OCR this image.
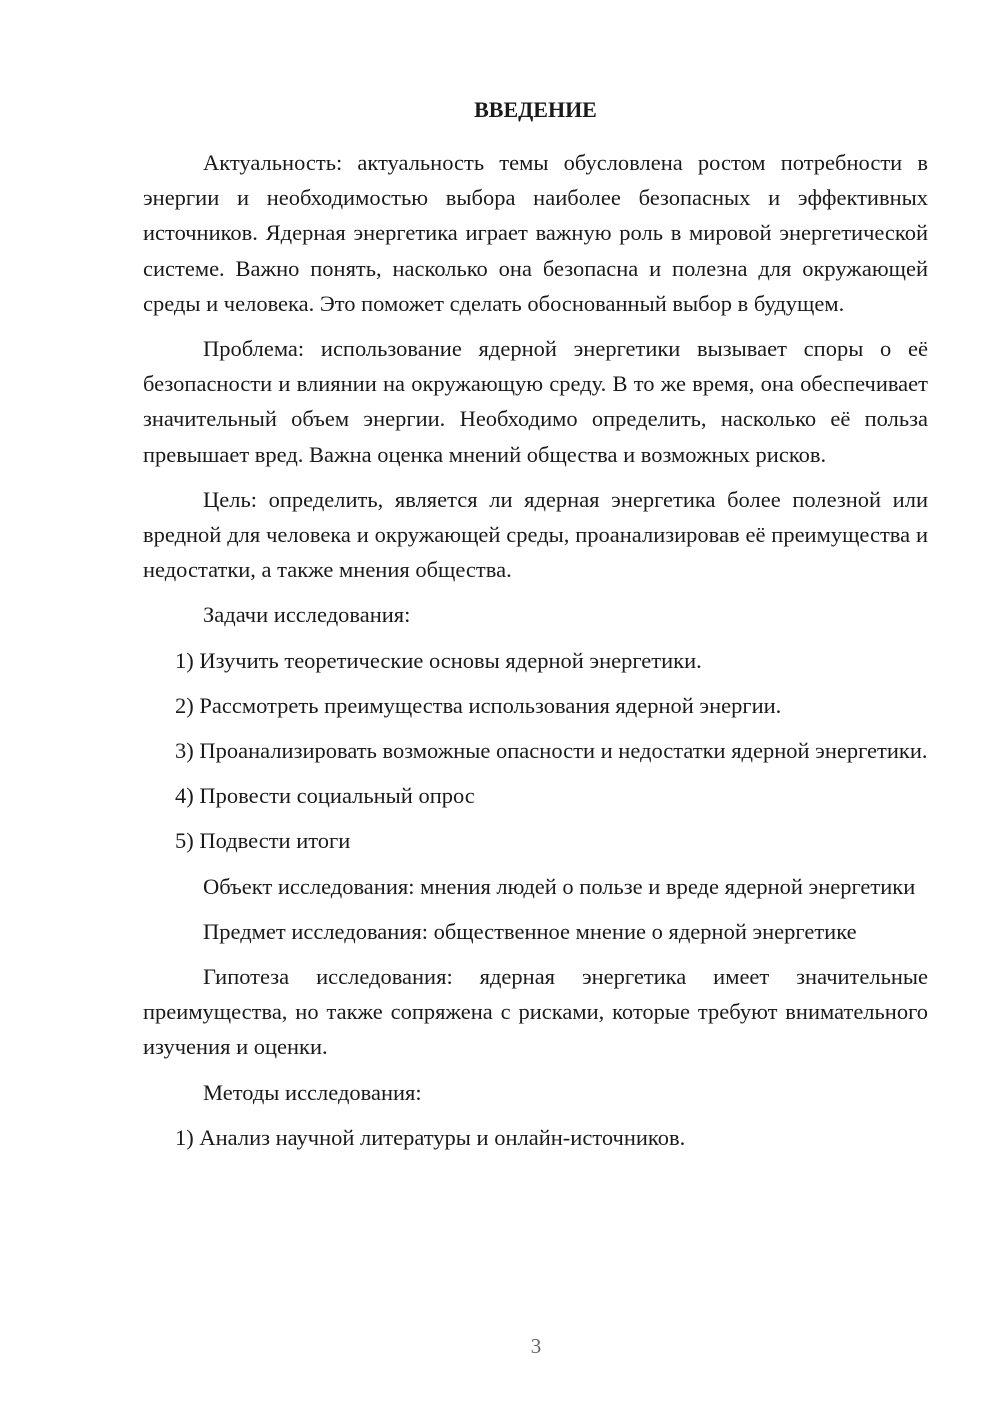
ВВЕДЕНИЕ

Актуальность: актуальность темы обусловлена ростом потребности в энергии и необходимостью выбора наиболее безопасных и эффективных источников. Ядерная энергетика играет важную роль в мировой энергетической системе. Важно понять, насколько она безопасна и полезна для окружающей среды и человека. Это поможет сделать обоснованный выбор в будущем.

Проблема: использование ядерной энергетики вызывает споры о её безопасности и влиянии на окружающую среду. В то же время, она обеспечивает значительный объем энергии. Необходимо определить, насколько её польза превышает вред. Важна оценка мнений общества и возможных рисков.

Цель: определить, является ли ядерная энергетика более полезной или вредной для человека и окружающей среды, проанализировав её преимущества и недостатки, а также мнения общества.

Задачи исследования:

1) Изучить теоретические основы ядерной энергетики.

2) Рассмотреть преимущества использования ядерной энергии.

3) Проанализировать возможные опасности и недостатки ядерной энергетики.

4) Провести социальный опрос

5) Подвести итоги

Объект исследования: мнения людей о пользе и вреде ядерной энергетики

Предмет исследования: общественное мнение о ядерной энергетике

Гипотеза исследования: ядерная энергетика имеет значительные преимущества, но также сопряжена с рисками, которые требуют внимательного изучения и оценки.

Методы исследования:

1) Анализ научной литературы и онлайн-источников.

3
